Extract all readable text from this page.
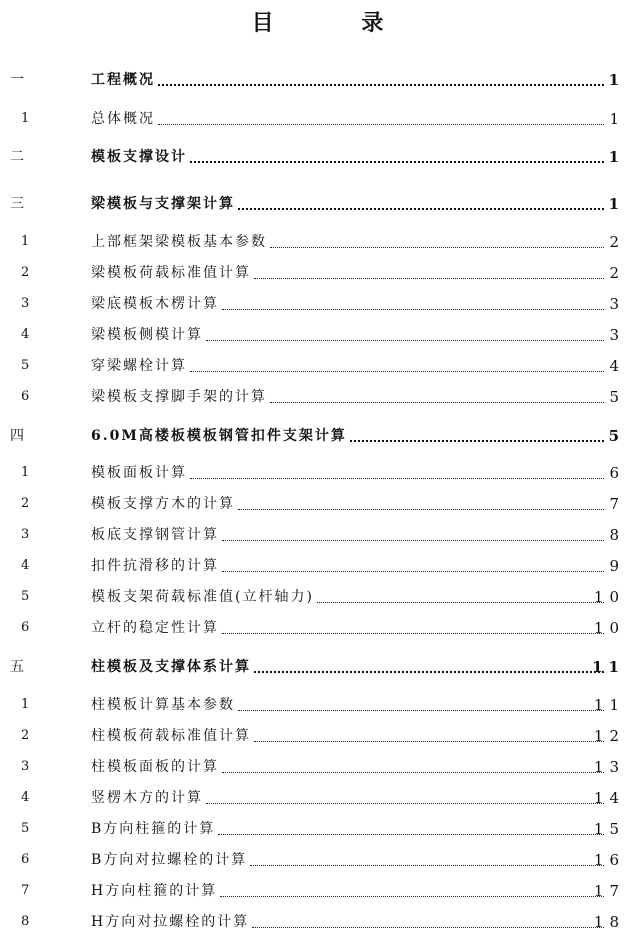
目 录
一	工程概况	1
1	总体概况	1
二	模板支撑设计	1
三	梁模板与支撑架计算	1
1	上部框架梁模板基本参数	2
2	梁模板荷载标准值计算	2
3	梁底模板木楞计算	3
4	梁模板侧模计算	3
5	穿梁螺栓计算	4
6	梁模板支撑脚手架的计算	5
四	6.0M高楼板模板钢管扣件支架计算	5
1	模板面板计算	6
2	模板支撑方木的计算	7
3	板底支撑钢管计算	8
4	扣件抗滑移的计算	9
5	模板支架荷载标准值(立杆轴力)	10
6	立杆的稳定性计算	10
五	柱模板及支撑体系计算	11
1	柱模板计算基本参数	11
2	柱模板荷载标准值计算	12
3	柱模板面板的计算	13
4	竖楞木方的计算	14
5	B方向柱箍的计算	15
6	B方向对拉螺栓的计算	16
7	H方向柱箍的计算	17
8	H方向对拉螺栓的计算	18
